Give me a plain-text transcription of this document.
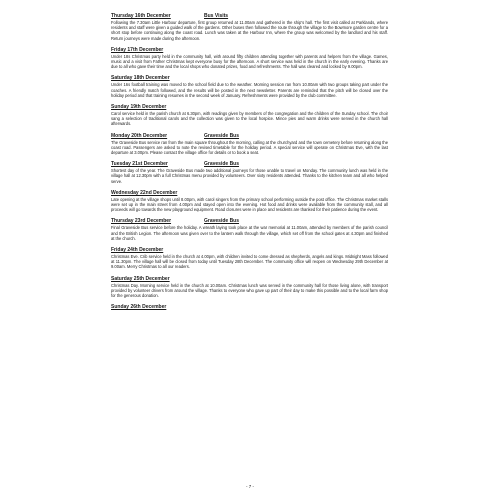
Thursday 16th December	Bus Visits
Following the 7.30am Little Harbour departure, first group returned at 11.00am and gathered in the ship's hall. The first visit called at Parklands, where residents and staff were given a guided walk of the gardens. Other buses then followed the route through the village to the Bowmore garden centre for a short stop before continuing along the coast road. Lunch was taken at the Harbour Inn, where the group was welcomed by the landlord and his staff. Return journeys were made during the afternoon.
Friday 17th December
Under 18s Christmas party held in the community hall, with around fifty children attending together with parents and helpers from the village. Games, music and a visit from Father Christmas kept everyone busy for the afternoon. A short service was held in the church in the early evening. Thanks are due to all who gave their time and the local shops who donated prizes, food and refreshments. The hall was cleared and locked by 9.00pm.
Saturday 18th December
Under 16s football training was moved to the school field due to the weather. Morning session ran from 10.00am with two groups taking part under the coaches. A friendly match followed, and the results will be posted in the next newsletter. Parents are reminded that the pitch will be closed over the holiday period and that training resumes in the second week of January. Refreshments were provided by the club committee.
Sunday 19th December
Carol service held in the parish church at 6.30pm, with readings given by members of the congregation and the children of the Sunday school. The choir sang a selection of traditional carols and the collection was given to the local hospice. Mince pies and warm drinks were served in the church hall afterwards.
Monday 20th December	Graveside Bus
The Graveside Bus service ran from the main square throughout the morning, calling at the churchyard and the town cemetery before returning along the coast road. Passengers are asked to note the revised timetable for the holiday period. A special service will operate on Christmas Eve, with the last departure at 3.00pm. Please contact the village office for details or to book a seat.
Tuesday 21st December	Graveside Bus
Shortest day of the year. The Graveside Bus made two additional journeys for those unable to travel on Monday. The community lunch was held in the village hall at 12.30pm with a full Christmas menu provided by volunteers. Over sixty residents attended. Thanks to the kitchen team and all who helped serve.
Wednesday 22nd December
Late opening at the village shops until 8.00pm, with carol singers from the primary school performing outside the post office. The Christmas market stalls were set up in the main street from 4.00pm and stayed open into the evening. Hot food and drinks were available from the community stall, and all proceeds will go towards the new playground equipment. Road closures were in place and residents are thanked for their patience during the event.
Thursday 23rd December	Graveside Bus
Final Graveside Bus service before the holiday. A wreath laying took place at the war memorial at 11.00am, attended by members of the parish council and the British Legion. The afternoon was given over to the lantern walk through the village, which set off from the school gates at 4.30pm and finished at the church.
Friday 24th December
Christmas Eve. Crib service held in the church at 4.00pm, with children invited to come dressed as shepherds, angels and kings. Midnight Mass followed at 11.30pm. The village hall will be closed from today until Tuesday 28th December. The community office will reopen on Wednesday 29th December at 9.00am. Merry Christmas to all our readers.
Saturday 25th December
Christmas Day. Morning service held in the church at 10.00am. Christmas lunch was served in the community hall for those living alone, with transport provided by volunteer drivers from around the village. Thanks to everyone who gave up part of their day to make this possible and to the local farm shop for the generous donation.
Sunday 26th December
- 7 -
